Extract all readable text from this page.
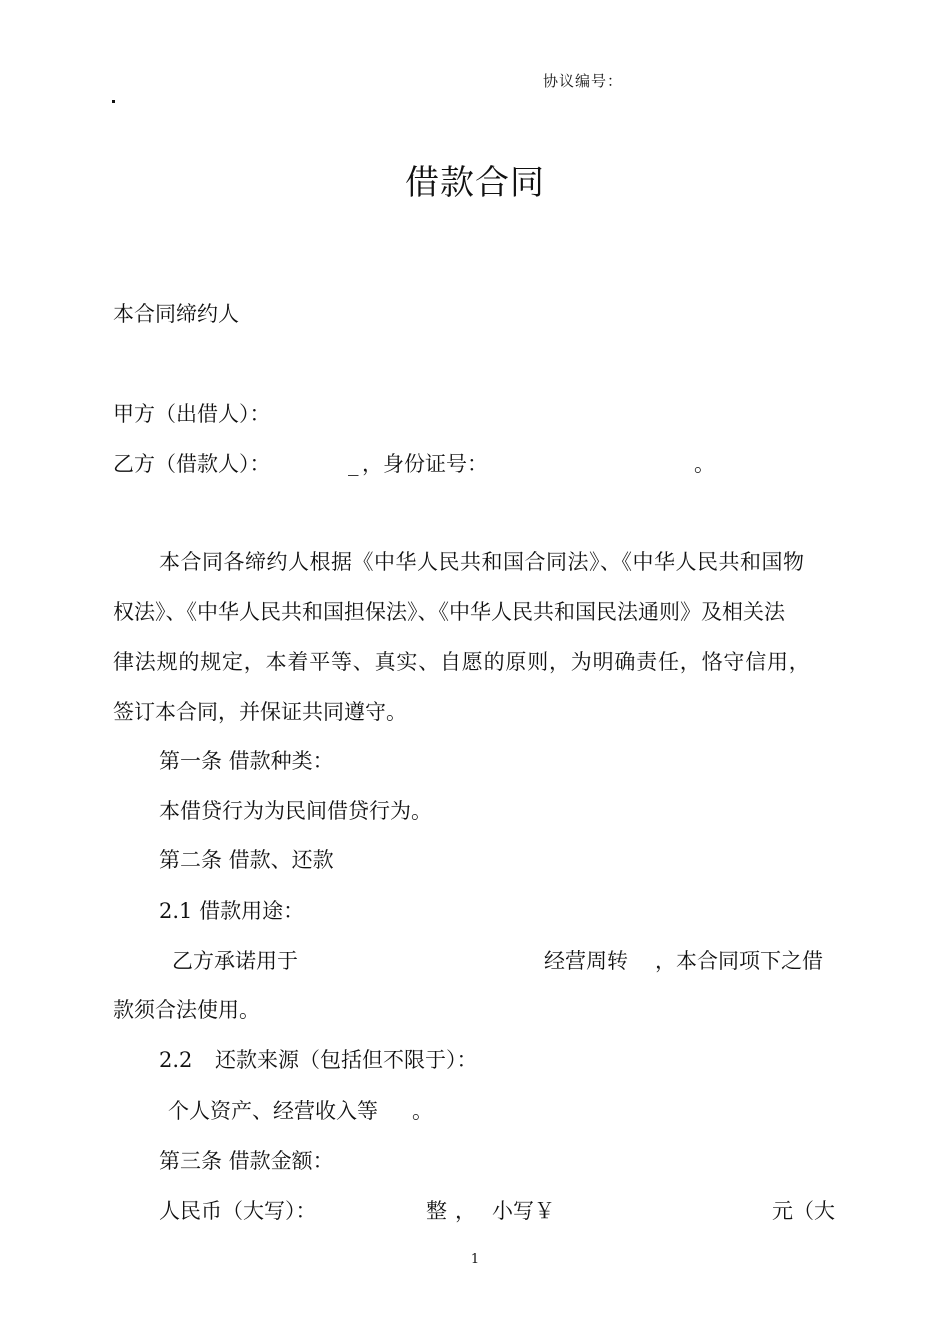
协议编号：
借款合同
本合同缔约人
甲方（出借人）：
乙方（借款人）：	_ ，身份证号：	。
本合同各缔约人根据《中华人民共和国合同法》、《中华人民共和国物
权法》、《中华人民共和国担保法》、《中华人民共和国民法通则》及相关法
律法规的规定，本着平等、真实、自愿的原则，为明确责任，恪守信用，
签订本合同，并保证共同遵守。
第一条 借款种类：
本借贷行为为民间借贷行为。
第二条 借款、还款
2.1 借款用途：
乙方承诺用于	经营周转 ，本合同项下之借
款须合法使用。
2.2 还款来源（包括但不限于）：
个人资产、经营收入等 。
第三条 借款金额：
人民币（大写）：	整 ， 小写￥	元（大
1
